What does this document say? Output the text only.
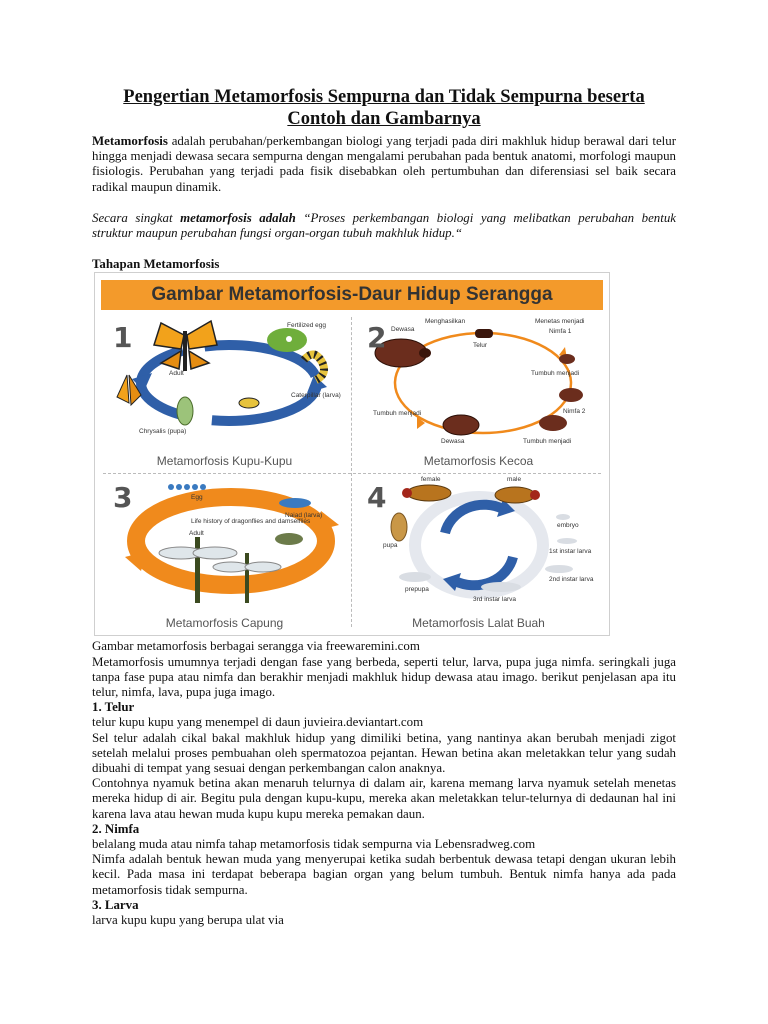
Pengertian Metamorfosis Sempurna dan Tidak Sempurna beserta Contoh dan Gambarnya

Metamorfosis adalah perubahan/perkembangan biologi yang terjadi pada diri makhluk hidup berawal dari telur hingga menjadi dewasa secara sempurna dengan mengalami perubahan pada bentuk anatomi, morfologi maupun fisiologis. Perubahan yang terjadi pada fisik disebabkan oleh pertumbuhan dan diferensiasi sel baik secara radikal maupun dinamik.

Secara singkat metamorfosis adalah “Proses perkembangan biologi yang melibatkan perubahan bentuk struktur maupun perubahan fungsi organ-organ tubuh makhluk hidup.“

Tahapan Metamorfosis
Gambar Metamorfosis-Daur Hidup Serangga
1	Fertilized egg
Adult
Caterpillar (larva)
Chrysalis (pupa)
Metamorfosis Kupu-Kupu
2	Menghasilkan
Dewasa
Telur
Menetas menjadi
Nimfa 1
Tumbuh menjadi
Nimfa 2
Tumbuh menjadi
Tumbuh menjadi
Dewasa
Metamorfosis Kecoa
3	Egg
Naiad (larva)
Life history of dragonflies and damselflies
Adult
Metamorfosis Capung
4
female	male
embryo
pupa
1st instar larva
2nd instar larva
prepupa
3rd instar larva
Metamorfosis Lalat Buah

Gambar metamorfosis berbagai serangga via freewaremini.com

Metamorfosis umumnya terjadi dengan fase yang berbeda, seperti telur, larva, pupa juga nimfa. seringkali juga tanpa fase pupa atau nimfa dan berakhir menjadi makhluk hidup dewasa atau imago. berikut penjelasan apa itu telur, nimfa, lava, pupa juga imago.

1. Telur

telur kupu kupu yang menempel di daun juvieira.deviantart.com

Sel telur adalah cikal bakal makhluk hidup yang dimiliki betina, yang nantinya akan berubah menjadi zigot setelah melalui proses pembuahan oleh spermatozoa pejantan. Hewan betina akan meletakkan telur yang sudah dibuahi di tempat yang sesuai dengan perkembangan calon anaknya.

Contohnya nyamuk betina akan menaruh telurnya di dalam air, karena memang larva nyamuk setelah menetas mereka hidup di air. Begitu pula dengan kupu-kupu, mereka akan meletakkan telur-telurnya di dedaunan hal ini karena lava atau hewan muda kupu kupu mereka pemakan daun.

2. Nimfa

belalang muda atau nimfa tahap metamorfosis tidak sempurna via Lebensradweg.com

Nimfa adalah bentuk hewan muda yang menyerupai ketika sudah berbentuk dewasa tetapi dengan ukuran lebih kecil. Pada masa ini terdapat beberapa bagian organ yang belum tumbuh. Bentuk nimfa hanya ada pada metamorfosis tidak sempurna.

3. Larva

larva kupu kupu yang berupa ulat via
